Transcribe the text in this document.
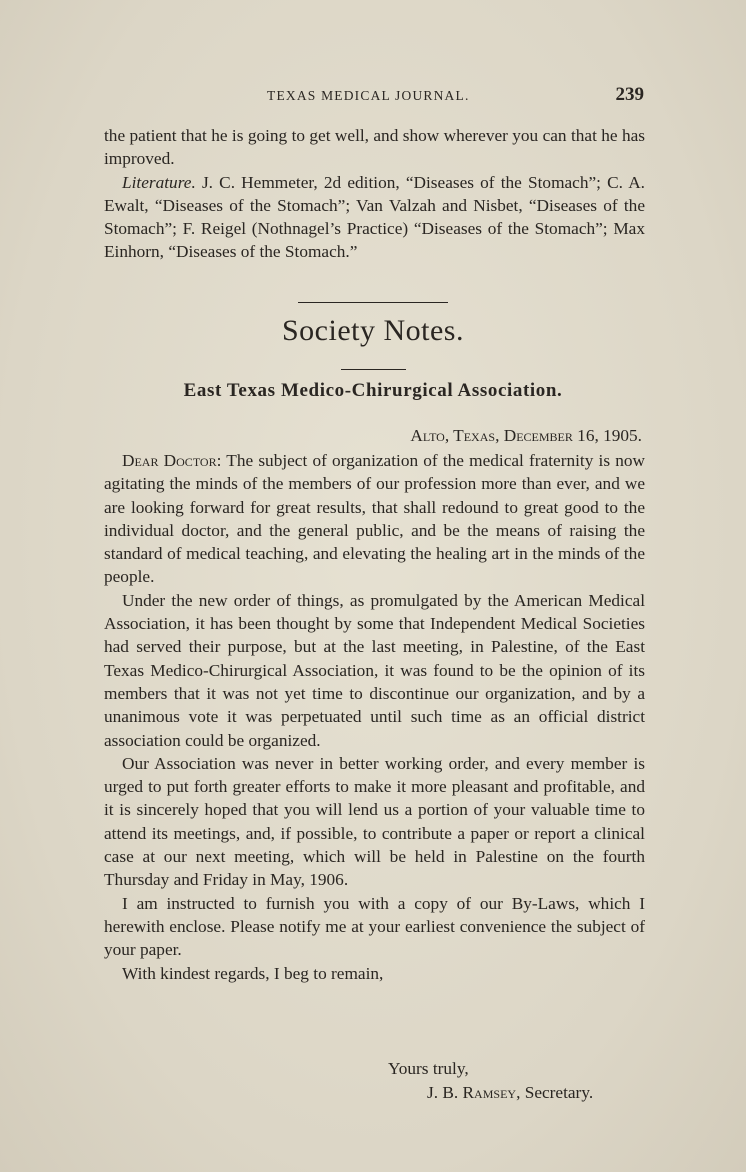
TEXAS MEDICAL JOURNAL.	239

the patient that he is going to get well, and show wherever you can that he has improved.

Literature. J. C. Hemmeter, 2d edition, “Diseases of the Stomach”; C. A. Ewalt, “Diseases of the Stomach”; Van Valzah and Nisbet, “Diseases of the Stomach”; F. Reigel (Nothnagel’s Practice) “Diseases of the Stomach”; Max Einhorn, “Diseases of the Stomach.”

Society Notes.
East Texas Medico-Chirurgical Association.
Alto, Texas, December 16, 1905.

Dear Doctor: The subject of organization of the medical fraternity is now agitating the minds of the members of our profession more than ever, and we are looking forward for great results, that shall redound to great good to the individual doctor, and the general public, and be the means of raising the standard of medical teaching, and elevating the healing art in the minds of the people.

Under the new order of things, as promulgated by the American Medical Association, it has been thought by some that Independent Medical Societies had served their purpose, but at the last meeting, in Palestine, of the East Texas Medico-Chirurgical Association, it was found to be the opinion of its members that it was not yet time to discontinue our organization, and by a unanimous vote it was perpetuated until such time as an official district association could be organized.

Our Association was never in better working order, and every member is urged to put forth greater efforts to make it more pleasant and profitable, and it is sincerely hoped that you will lend us a portion of your valuable time to attend its meetings, and, if possible, to contribute a paper or report a clinical case at our next meeting, which will be held in Palestine on the fourth Thursday and Friday in May, 1906.

I am instructed to furnish you with a copy of our By-Laws, which I herewith enclose. Please notify me at your earliest convenience the subject of your paper.

With kindest regards, I beg to remain,

Yours truly,
J. B. Ramsey, Secretary.
